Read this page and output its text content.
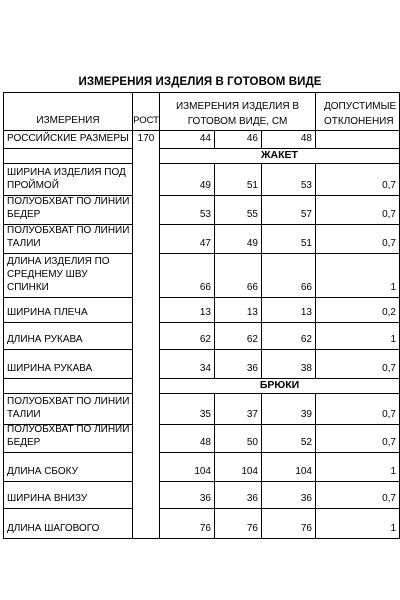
ИЗМЕРЕНИЯ ИЗДЕЛИЯ В ГОТОВОМ ВИДЕ
ИЗМЕРЕНИЯ	РОСТ
ИЗМЕРЕНИЯ ИЗДЕЛИЯ В ГОТОВОМ ВИДЕ, СМ
ДОПУСТИМЫЕ ОТКЛОНЕНИЯ
РОССИЙСКИЕ РАЗМЕРЫ 170	44	46	48
ЖАКЕТ
ШИРИНА ИЗДЕЛИЯ ПОД ПРОЙМОЙ	49	51	53	0,7
ПОЛУОБХВАТ ПО ЛИНИИ БЕДЕР	53	55	57	0,7
ПОЛУОБХВАТ ПО ЛИНИИ ТАЛИИ	47	49	51	0,7
ДЛИНА ИЗДЕЛИЯ ПО СРЕДНЕМУ ШВУ СПИНКИ	66	66	66	1
ШИРИНА ПЛЕЧА	13	13	13	0,2
ДЛИНА РУКАВА	62	62	62	1
ШИРИНА РУКАВА	34	36	38	0,7
БРЮКИ
ПОЛУОБХВАТ ПО ЛИНИИ ТАЛИИ	35	37	39	0,7
ПОЛУОБХВАТ ПО ЛИНИИ БЕДЕР	48	50	52	0,7
ДЛИНА СБОКУ	104	104	104	1
ШИРИНА ВНИЗУ	36	36	36	0,7
ДЛИНА ШАГОВОГО	76	76	76	1
